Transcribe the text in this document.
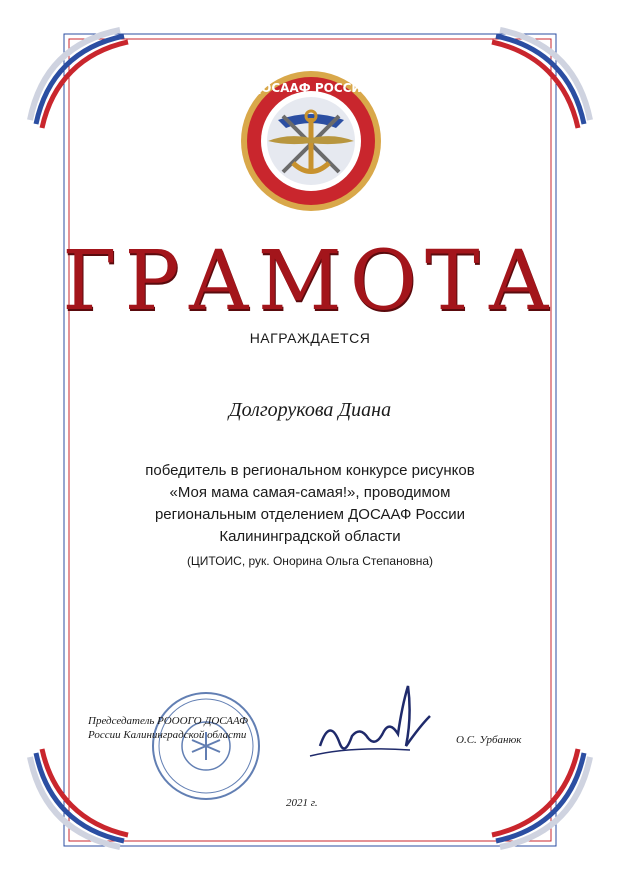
ДОСААФ РОССИИ
ГРАМОТА
НАГРАЖДАЕТСЯ
Долгорукова Диана
победитель в региональном конкурсе рисунков
«Моя мама самая-самая!», проводимом
региональным отделением ДОСААФ России
Калининградской области
(ЦИТОИС, рук. Онорина Ольга Степановна)
Председатель РОООГО ДОСААФ
России Калининградской области	О.С. Урбанюк
2021 г.
